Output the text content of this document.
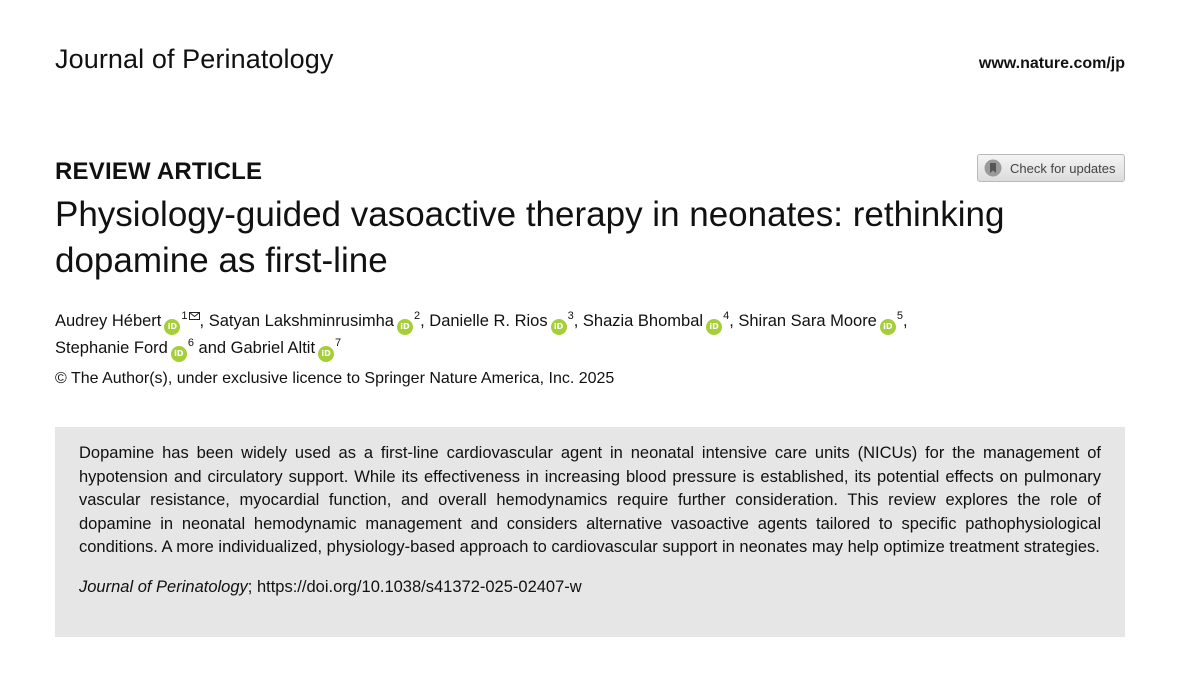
Journal of Perinatology	www.nature.com/jp
REVIEW ARTICLE	Check for updates
Physiology-guided vasoactive therapy in neonates: rethinking dopamine as first-line
Audrey Hébert $iD^1$ , Satyan Lakshminrusimha $iD^2$, Danielle R. Rios $iD^3$, Shazia Bhombal $iD^4$, Shiran Sara Moore $iD^5$,
Stephanie Ford $iD^6$ and Gabriel Altit $iD^7$
© The Author(s), under exclusive licence to Springer Nature America, Inc. 2025

Dopamine has been widely used as a first-line cardiovascular agent in neonatal intensive care units (NICUs) for the management of hypotension and circulatory support. While its effectiveness in increasing blood pressure is established, its potential effects on pulmonary vascular resistance, myocardial function, and overall hemodynamics require further consideration. This review explores the role of dopamine in neonatal hemodynamic management and considers alternative vasoactive agents tailored to specific pathophysiological conditions. A more individualized, physiology-based approach to cardiovascular support in neonates may help optimize treatment strategies.

Journal of Perinatology; https://doi.org/10.1038/s41372-025-02407-w
